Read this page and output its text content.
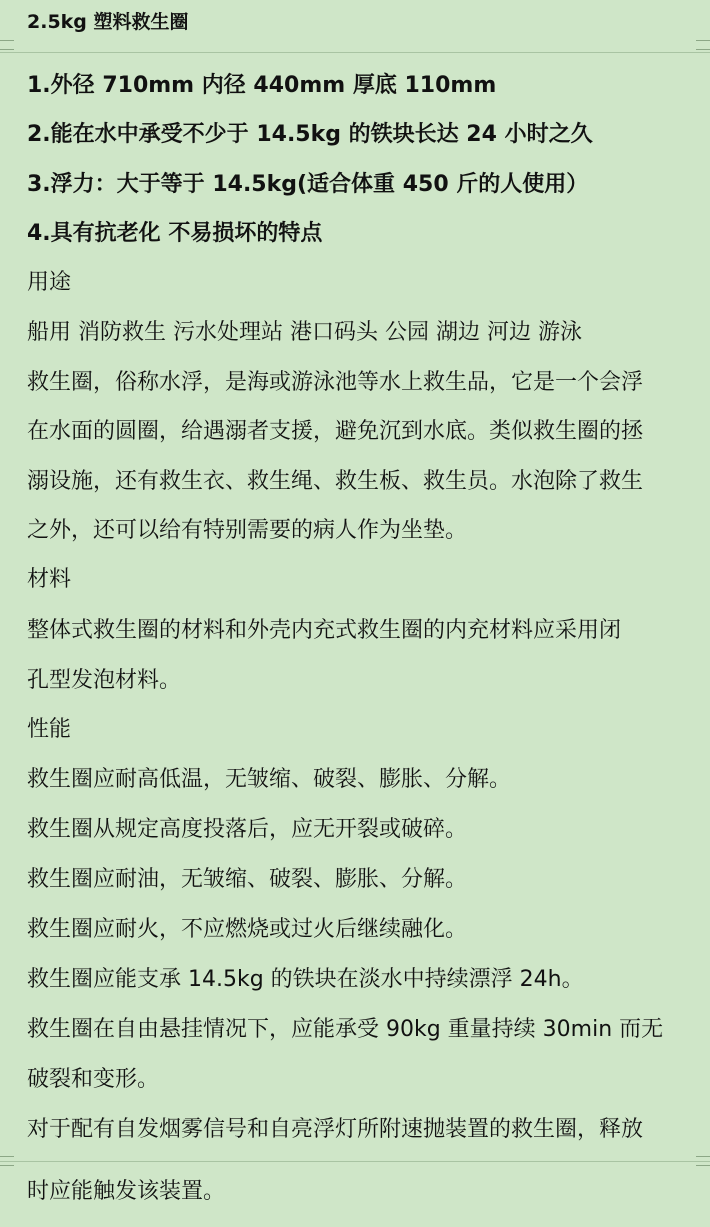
2.5kg 塑料救生圈
1.外径 710mm 内径 440mm 厚底 110mm
2.能在水中承受不少于 14.5kg 的铁块长达 24 小时之久
3.浮力：大于等于 14.5kg(适合体重 450 斤的人使用）
4.具有抗老化 不易损坏的特点
用途
船用 消防救生 污水处理站 港口码头 公园 湖边 河边 游泳
救生圈，俗称水浮，是海或游泳池等水上救生品，它是一个会浮
在水面的圆圈，给遇溺者支援，避免沉到水底。类似救生圈的拯
溺设施，还有救生衣、救生绳、救生板、救生员。水泡除了救生
之外，还可以给有特别需要的病人作为坐垫。
材料
整体式救生圈的材料和外壳内充式救生圈的内充材料应采用闭
孔型发泡材料。
性能
救生圈应耐高低温，无皱缩、破裂、膨胀、分解。
救生圈从规定高度投落后，应无开裂或破碎。
救生圈应耐油，无皱缩、破裂、膨胀、分解。
救生圈应耐火，不应燃烧或过火后继续融化。
救生圈应能支承 14.5kg 的铁块在淡水中持续漂浮 24h。
救生圈在自由悬挂情况下，应能承受 90kg 重量持续 30min 而无
破裂和变形。
对于配有自发烟雾信号和自亮浮灯所附速抛装置的救生圈，释放
时应能触发该装置。
